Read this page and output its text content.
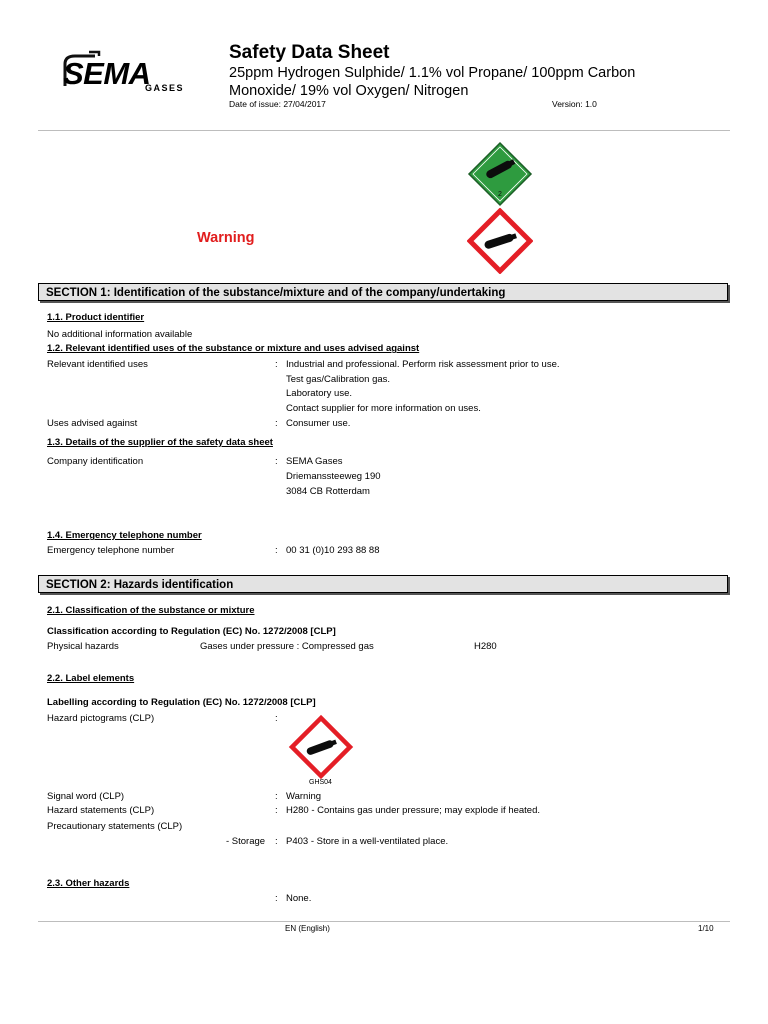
SEMA
GASES
Safety Data Sheet
25ppm Hydrogen Sulphide/ 1.1% vol Propane/ 100ppm Carbon Monoxide/ 19% vol Oxygen/ Nitrogen
Date of issue: 27/04/2017	Version: 1.0
2
Warning
SECTION 1: Identification of the substance/mixture and of the company/undertaking
1.1. Product identifier
No additional information available
1.2. Relevant identified uses of the substance or mixture and uses advised against
Relevant identified uses	: Industrial and professional. Perform risk assessment prior to use.
Test gas/Calibration gas.
Laboratory use.
Contact supplier for more information on uses.
Uses advised against	: Consumer use.
1.3. Details of the supplier of the safety data sheet
Company identification	: SEMA Gases
Driemanssteeweg 190
3084 CB Rotterdam
1.4. Emergency telephone number
Emergency telephone number	: 00 31 (0)10 293 88 88
SECTION 2: Hazards identification
2.1. Classification of the substance or mixture
Classification according to Regulation (EC) No. 1272/2008 [CLP]
Physical hazards	Gases under pressure : Compressed gas	H280
2.2. Label elements
Labelling according to Regulation (EC) No. 1272/2008 [CLP]
Hazard pictograms (CLP)	:
GHS04
Signal word (CLP)	: Warning
Hazard statements (CLP)	: H280 - Contains gas under pressure; may explode if heated.
Precautionary statements (CLP)
- Storage : P403 - Store in a well-ventilated place.
2.3. Other hazards
: None.
EN (English)	1/10
